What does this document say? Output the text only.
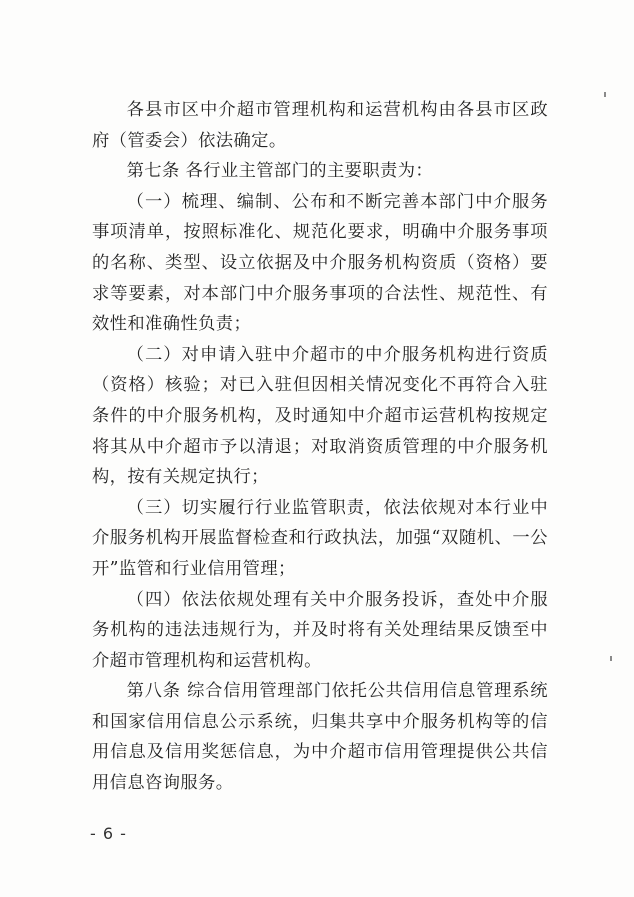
各县市区中介超市管理机构和运营机构由各县市区政府（管委会）依法确定。

第七条 各行业主管部门的主要职责为：

（一）梳理、编制、公布和不断完善本部门中介服务事项清单，按照标准化、规范化要求，明确中介服务事项的名称、类型、设立依据及中介服务机构资质（资格）要求等要素，对本部门中介服务事项的合法性、规范性、有效性和准确性负责；

（二）对申请入驻中介超市的中介服务机构进行资质（资格）核验；对已入驻但因相关情况变化不再符合入驻条件的中介服务机构，及时通知中介超市运营机构按规定将其从中介超市予以清退；对取消资质管理的中介服务机构，按有关规定执行；

（三）切实履行行业监管职责，依法依规对本行业中介服务机构开展监督检查和行政执法，加强“双随机、一公开”监管和行业信用管理；

（四）依法依规处理有关中介服务投诉，查处中介服务机构的违法违规行为，并及时将有关处理结果反馈至中介超市管理机构和运营机构。

第八条 综合信用管理部门依托公共信用信息管理系统和国家信用信息公示系统，归集共享中介服务机构等的信用信息及信用奖惩信息，为中介超市信用管理提供公共信用信息咨询服务。

- 6 -
